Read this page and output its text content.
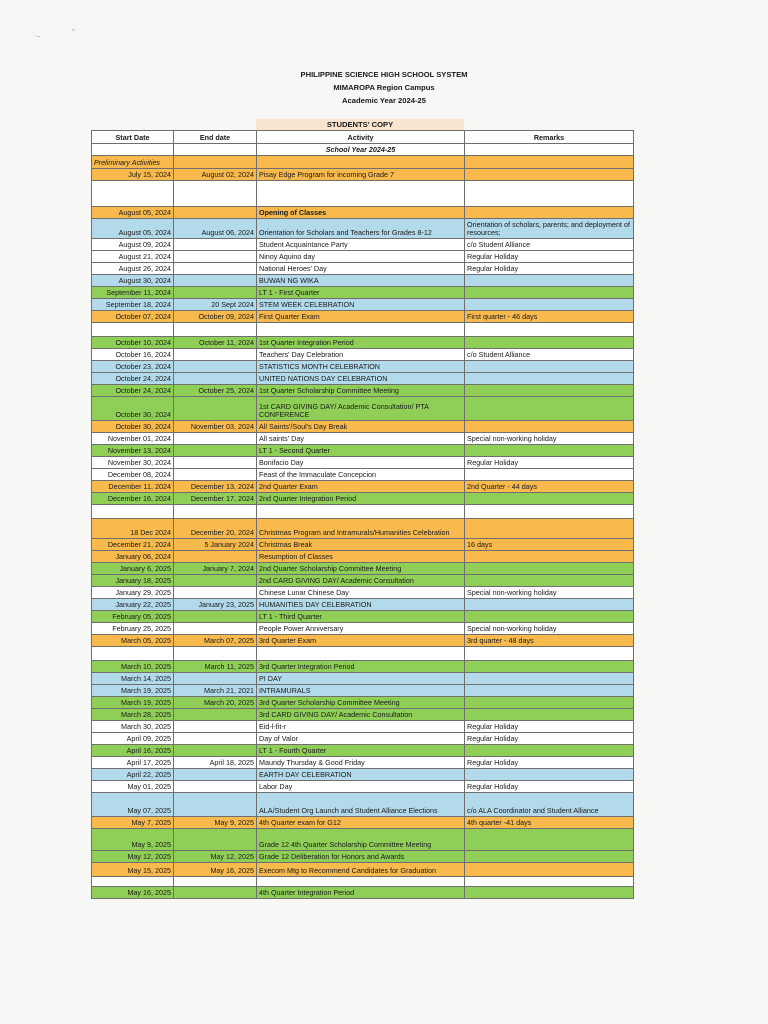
˙ˉ
ˇ
PHILIPPINE SCIENCE HIGH SCHOOL SYSTEM
MIMAROPA Region Campus
Academic Year 2024-25
STUDENTS' COPY
Start Date	End date	Activity	Remarks
		School Year 2024-25	
Preliminary Activities			
July 15, 2024	August 02, 2024	Pisay Edge Program for incoming Grade 7	

August 05, 2024		Opening of Classes	
August 05, 2024	August 06, 2024	Orientation for Scholars and Teachers for Grades 8-12	Orientation of scholars, parents; and deployment of resources;
August 09, 2024		Student Acquaintance Party	c/o Student Alliance
August 21, 2024		Ninoy Aquino day	Regular Holiday
August 26, 2024		National Heroes' Day	Regular Holiday
August 30, 2024		BUWAN NG WIKA	
September 11, 2024		LT 1 - First Quarter	
September 18, 2024	20 Sept 2024	STEM WEEK CELEBRATION	
October 07, 2024	October 09, 2024	First Quarter Exam	First quarter - 46 days

October 10, 2024	October 11, 2024	1st Quarter Integration Period	
October 16, 2024		Teachers' Day Celebration	c/o Student Alliance
October 23, 2024		STATISTICS MONTH CELEBRATION	
October 24, 2024		UNITED NATIONS DAY CELEBRATION	
October 24, 2024	October 25, 2024	1st Quarter Scholarship Committee Meeting	
October 30, 2024		1st CARD GIVING DAY/ Academic Consultation/ PTA CONFERENCE	
October 30, 2024	November 03, 2024	All Saints'/Soul's Day Break	
November 01, 2024		All saints' Day	Special non-working holiday
November 13, 2024		LT 1 - Second Quarter	
November 30, 2024		Bonifacio Day	Regular Holiday
December 08, 2024		Feast of the Immaculate Concepcion	
December 11, 2024	December 13, 2024	2nd Quarter Exam	2nd Quarter - 44 days
December 16, 2024	December 17, 2024	2nd Quarter Integration Period	

18 Dec 2024	December 20, 2024	Christmas Program and Intramurals/Humanities Celebration	
December 21, 2024	5 January 2024	Christmas Break	16 days
January 06, 2024		Resumption of Classes	
January 6, 2025	January 7, 2024	2nd Quarter Scholarship Committee Meeting	
January 18, 2025		2nd CARD GIVING DAY/ Academic Consultation	
January 29, 2025		Chinese Lunar Chinese Day	Special non-working holiday
January 22, 2025	January 23, 2025	HUMANITIES DAY CELEBRATION	
February 05, 2025		LT 1 - Third Quarter	
February 25, 2025		People Power Anniversary	Special non-working holiday
March 05, 2025	March 07, 2025	3rd Quarter Exam	3rd quarter - 48 days

March 10, 2025	March 11, 2025	3rd Quarter Integration Period	
March 14, 2025		PI DAY	
March 19, 2025	March 21, 2021	INTRAMURALS	
March 19, 2025	March 20, 2025	3rd Quarter Scholarship Committee Meeting	
March 28, 2025		3rd CARD GIVING DAY/ Academic Consultation	
March 30, 2025		Eid-l-fit-r	Regular Holiday
April 09, 2025		Day of Valor	Regular Holiday
April 16, 2025		LT 1 - Fourth Quarter	
April 17, 2025	April 18, 2025	Maundy Thursday & Good Friday	Regular Holiday
April 22, 2025		EARTH DAY CELEBRATION	
May 01, 2025		Labor Day	Regular Holiday
May 07, 2025		ALA/Student Org Launch and Student Alliance Elections	c/o ALA Coordinator and Student Alliance
May 7, 2025	May 9, 2025	4th Quarter exam for G12	4th quarter -41 days
May 9, 2025		Grade 12 4th Quarter Scholarship Committee Meeting	
May 12, 2025	May 12, 2025	Grade 12 Deliberation for Honors and Awards	
May 15, 2025	May 16, 2025	Execom Mtg to Recommend Candidates for Graduation	

May 16, 2025		4th Quarter Integration Period	
